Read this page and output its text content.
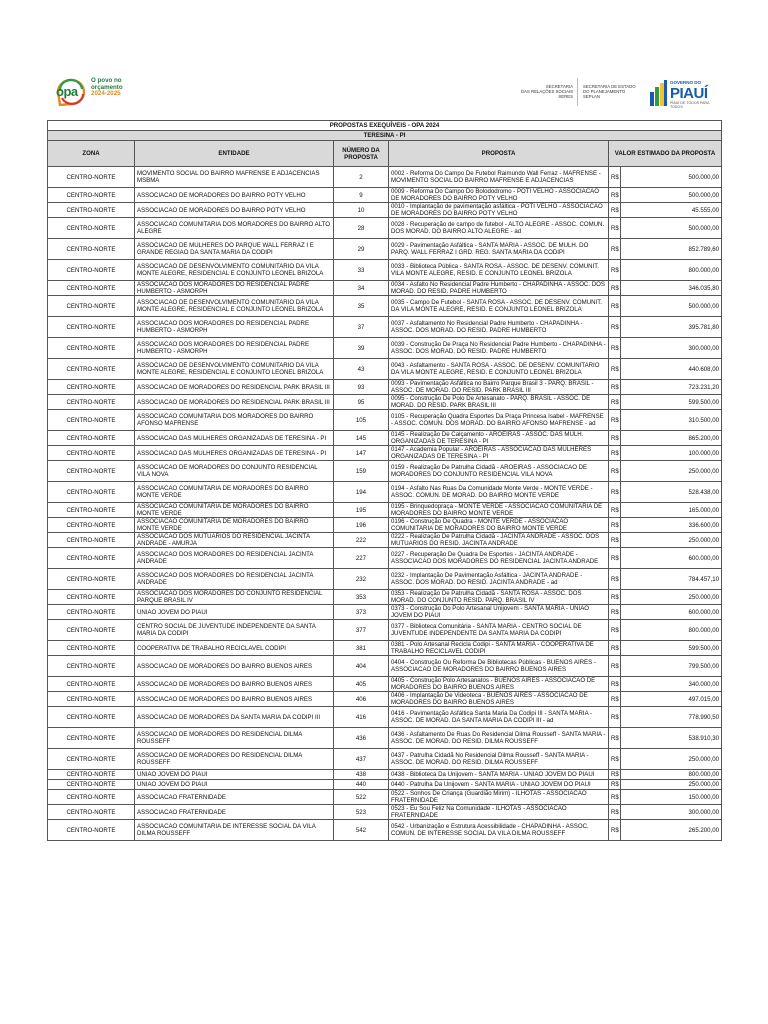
opa
O povo no
orçamento
2024-2025
SECRETARIA
DAS RELAÇÕES SOCIAIS
SERES
SECRETARIA DE ESTADO
DO PLANEJAMENTO
SEPLAN
GOVERNO DO
PIAUÍ
PIAUÍ DE TODOS PARA TODOS
PROPOSTAS EXEQUÍVEIS - OPA 2024					
TERESINA - PI					
ZONA	ENTIDADE	NÚMERO DA PROPOSTA	PROPOSTA	VALOR ESTIMADO DA PROPOSTA	
CENTRO-NORTE	MOVIMENTO SOCIAL DO BAIRRO MAFRENSE E ADJACENCIAS MSBMA	2	0002 - Reforma Do Campo De Futebol Raimundo Wall Ferraz - MAFRENSE - MOVIMENTO SOCIAL DO BAIRRO MAFRENSE E ADJACENCIAS	R$	500.000,00
CENTRO-NORTE	ASSOCIACAO DE MORADORES DO BAIRRO POTY VELHO	9	0009 - Reforma Do Campo Do Bolododromo - POTI VELHO - ASSOCIACAO DE MORADORES DO BAIRRO POTY VELHO	R$	500.000,00
CENTRO-NORTE	ASSOCIACAO DE MORADORES DO BAIRRO POTY VELHO	10	0010 - Implantação de pavimentação asfáltica - POTI VELHO - ASSOCIACAO DE MORADORES DO BAIRRO POTY VELHO	R$	45.555,00
CENTRO-NORTE	ASSOCIACAO COMUNITARIA DOS MORADORES DO BAIRRO ALTO ALEGRE	28	0028 - Recuperação de campo de futebol - ALTO ALEGRE - ASSOC. COMUN. DOS MORAD. DO BAIRRO ALTO ALEGRE - ad	R$	500.000,00
CENTRO-NORTE	ASSOCIACAO DE MULHERES DO PARQUE WALL FERRAZ I E GRANDE REGIAO DA SANTA MARIA DA CODIPI	29	0029 - Pavimentação Asfáltica - SANTA MARIA - ASSOC. DE MULH. DO PARQ. WALL FERRAZ I GRD. REG. SANTA MARIA DA CODIPI	R$	852.789,60
CENTRO-NORTE	ASSOCIACAO DE DESENVOLVIMENTO COMUNITARIO DA VILA MONTE ALEGRE, RESIDENCIAL E CONJUNTO LEONEL BRIZOLA	33	0033 - Biblioteca Pública - SANTA ROSA - ASSOC. DE DESENV. COMUNIT. VILA MONTE ALEGRE, RESID. E CONJUNTO LEONEL BRIZOLA	R$	800.000,00
CENTRO-NORTE	ASSOCIACAO DOS MORADORES DO RESIDENCIAL PADRE HUMBERTO - ASMORPH	34	0034 - Asfalto No Residencial Padre Humberto - CHAPADINHA - ASSOC. DOS MORAD. DO RESID. PADRE HUMBERTO	R$	346.035,80
CENTRO-NORTE	ASSOCIACAO DE DESENVOLVIMENTO COMUNITARIO DA VILA MONTE ALEGRE, RESIDENCIAL E CONJUNTO LEONEL BRIZOLA	35	0035 - Campo De Futebol - SANTA ROSA - ASSOC. DE DESENV. COMUNIT. DA VILA MONTE ALEGRE, RESID. E CONJUNTO LEONEL BRIZOLA	R$	500.000,00
CENTRO-NORTE	ASSOCIACAO DOS MORADORES DO RESIDENCIAL PADRE HUMBERTO - ASMORPH	37	0037 - Asfaltamento No Residencial Padre Humberto - CHAPADINHA - ASSOC. DOS MORAD. DO RESID. PADRE HUMBERTO	R$	395.781,80
CENTRO-NORTE	ASSOCIACAO DOS MORADORES DO RESIDENCIAL PADRE HUMBERTO - ASMORPH	39	0039 - Construção De Praça No Residencial Padre Humberto - CHAPADINHA - ASSOC. DOS MORAD. DO RESID. PADRE HUMBERTO	R$	300.000,00
CENTRO-NORTE	ASSOCIACAO DE DESENVOLVIMENTO COMUNITARIO DA VILA MONTE ALEGRE, RESIDENCIAL E CONJUNTO LEONEL BRIZOLA	43	0043 - Asfaltamento - SANTA ROSA - ASSOC. DE DESENV. COMUNITARIO DA VILA MONTE ALEGRE, RESID. E CONJUNTO LEONEL BRIZOLA	R$	440.608,00
CENTRO-NORTE	ASSOCIACAO DE MORADORES DO RESIDENCIAL PARK BRASIL III	93	0093 - Pavimentação Asfáltica no Bairro Parque Brasil 3 - PARQ. BRASIL - ASSOC. DE MORAD. DO RESID. PARK BRASIL III	R$	723.231,20
CENTRO-NORTE	ASSOCIACAO DE MORADORES DO RESIDENCIAL PARK BRASIL III	95	0095 - Construção De Polo De Artesanato - PARQ. BRASIL - ASSOC. DE MORAD. DO RESID. PARK BRASIL III	R$	599.500,00
CENTRO-NORTE	ASSOCIACAO COMUNITARIA DOS MORADORES DO BAIRRO AFONSO MAFRENSE	105	0105 - Recuperação Quadra Esportes Da Praça Princesa Isabel - MAFRENSE - ASSOC. COMUN. DOS MORAD. DO BAIRRO AFONSO MAFRENSE - ad	R$	310.500,00
CENTRO-NORTE	ASSOCIACAO DAS MULHERES ORGANIZADAS DE TERESINA - PI	145	0145 - Realização De Calçamento - AROEIRAS - ASSOC. DAS MULH. ORGANIZADAS DE TERESINA - PI	R$	865.200,00
CENTRO-NORTE	ASSOCIACAO DAS MULHERES ORGANIZADAS DE TERESINA - PI	147	0147 - Academia Popular - AROEIRAS - ASSOCIACAO DAS MULHERES ORGANIZADAS DE TERESINA - PI	R$	100.000,00
CENTRO-NORTE	ASSOCIACAO DE MORADORES DO CONJUNTO RESIDENCIAL VILA NOVA	159	0159 - Realização De Patrulha Cidadã - AROEIRAS - ASSOCIACAO DE MORADORES DO CONJUNTO RESIDENCIAL VILA NOVA	R$	250.000,00
CENTRO-NORTE	ASSOCIACAO COMUNITARIA DE MORADORES DO BAIRRO MONTE VERDE	194	0194 - Asfalto Nas Ruas Da Comunidade Monte Verde - MONTE VERDE - ASSOC. COMUN. DE MORAD. DO BAIRRO MONTE VERDE	R$	528.438,00
CENTRO-NORTE	ASSOCIACAO COMUNITARIA DE MORADORES DO BAIRRO MONTE VERDE	195	0195 - Brinquedopraça - MONTE VERDE - ASSOCIACAO COMUNITARIA DE MORADORES DO BAIRRO MONTE VERDE	R$	165.000,00
CENTRO-NORTE	ASSOCIACAO COMUNITARIA DE MORADORES DO BAIRRO MONTE VERDE	196	0196 - Construção De Quadra - MONTE VERDE - ASSOCIACAO COMUNITARIA DE MORADORES DO BAIRRO MONTE VERDE	R$	336.600,00
CENTRO-NORTE	ASSOCIACAO DOS MUTUARIOS DO RESIDENCIAL JACINTA ANDRADE - AMURJA	222	0222 - Realização De Patrulha Cidadã - JACINTA ANDRADE - ASSOC. DOS MUTUARIOS DO RESID. JACINTA ANDRADE	R$	250.000,00
CENTRO-NORTE	ASSOCIACAO DOS MORADORES DO RESIDENCIAL JACINTA ANDRADE	227	0227 - Recuperação De Quadra De Esportes - JACINTA ANDRADE - ASSOCIACAO DOS MORADORES DO RESIDENCIAL JACINTA ANDRADE	R$	600.000,00
CENTRO-NORTE	ASSOCIACAO DOS MORADORES DO RESIDENCIAL JACINTA ANDRADE	232	0232 - Implantação De Pavimentação Asfáltica - JACINTA ANDRADE - ASSOC. DOS MORAD. DO RESID. JACINTA ANDRADE - ad	R$	784.457,10
CENTRO-NORTE	ASSOCIACAO DOS MORADORES DO CONJUNTO RESIDENCIAL PARQUE BRASIL IV	353	0353 - Realização De Patrulha Cidadã - SANTA ROSA - ASSOC. DOS MORAD. DO CONJUNTO RESID. PARQ. BRASIL IV	R$	250.000,00
CENTRO-NORTE	UNIAO JOVEM DO PIAUI	373	0373 - Construção Do Polo Artesanal Unijovem - SANTA MARIA - UNIAO JOVEM DO PIAUI	R$	600.000,00
CENTRO-NORTE	CENTRO SOCIAL DE JUVENTUDE INDEPENDENTE DA SANTA MARIA DA CODIPI	377	0377 - Biblioteca Comunitária - SANTA MARIA - CENTRO SOCIAL DE JUVENTUDE INDEPENDENTE DA SANTA MARIA DA CODIPI	R$	800.000,00
CENTRO-NORTE	COOPERATIVA DE TRABALHO RECICLAVEL CODIPI	381	0381 - Polo Artesanal Recicla Codipi - SANTA MARIA - COOPERATIVA DE TRABALHO RECICLAVEL CODIPI	R$	599.500,00
CENTRO-NORTE	ASSOCIACAO DE MORADORES DO BAIRRO BUENOS AIRES	404	0404 - Construção Ou Reforma De Bibliotecas Públicas - BUENOS AIRES - ASSOCIACAO DE MORADORES DO BAIRRO BUENOS AIRES	R$	799.500,00
CENTRO-NORTE	ASSOCIACAO DE MORADORES DO BAIRRO BUENOS AIRES	405	0405 - Construção Polo Artesanatos - BUENOS AIRES - ASSOCIACAO DE MORADORES DO BAIRRO BUENOS AIRES	R$	340.000,00
CENTRO-NORTE	ASSOCIACAO DE MORADORES DO BAIRRO BUENOS AIRES	406	0406 - Implantação De Videoteca - BUENOS AIRES - ASSOCIACAO DE MORADORES DO BAIRRO BUENOS AIRES	R$	497.015,00
CENTRO-NORTE	ASSOCIACAO DE MORADORES DA SANTA MARIA DA CODIPI III	416	0416 - Pavimentação Asfáltica Santa Maria Da Codipi III - SANTA MARIA - ASSOC. DE MORAD. DA SANTA MARIA DA CODIPI III - ad	R$	778.990,50
CENTRO-NORTE	ASSOCIACAO DE MORADORES DO RESIDENCIAL DILMA ROUSSEFF	436	0436 - Asfaltamento De Ruas Do Residencial Dilma Rousseff - SANTA MARIA - ASSOC. DE MORAD. DO RESID. DILMA ROUSSEFF	R$	538.910,30
CENTRO-NORTE	ASSOCIACAO DE MORADORES DO RESIDENCIAL DILMA ROUSSEFF	437	0437 - Patrulha Cidadã No Residencial Dilma Rousseff - SANTA MARIA - ASSOC. DE MORAD. DO RESID. DILMA ROUSSEFF	R$	250.000,00
CENTRO-NORTE	UNIAO JOVEM DO PIAUI	438	0438 - Biblioteca Da Uniјovem - SANTA MARIA - UNIAO JOVEM DO PIAUI	R$	800.000,00
CENTRO-NORTE	UNIAO JOVEM DO PIAUI	440	0440 - Patrulha Da Uniјovem - SANTA MARIA - UNIAO JOVEM DO PIAUI	R$	250.000,00
CENTRO-NORTE	ASSOCIACAO FRATERNIDADE	522	0522 - Sonhos De Criança (Guardião Mirim) - ILHOTAS - ASSOCIACAO FRATERNIDADE	R$	150.000,00
CENTRO-NORTE	ASSOCIACAO FRATERNIDADE	523	0523 - Eu Sou Feliz Na Comunidade - ILHOTAS - ASSOCIACAO FRATERNIDADE	R$	300.000,00
CENTRO-NORTE	ASSOCIACAO COMUNITARIA DE INTERESSE SOCIAL DA VILA DILMA ROUSSEFF	542	0542 - Urbanização e Estrutura Acessibilidade - CHAPADINHA - ASSOC. COMUN. DE INTERESSE SOCIAL DA VILA DILMA ROUSSEFF	R$	265.200,00
